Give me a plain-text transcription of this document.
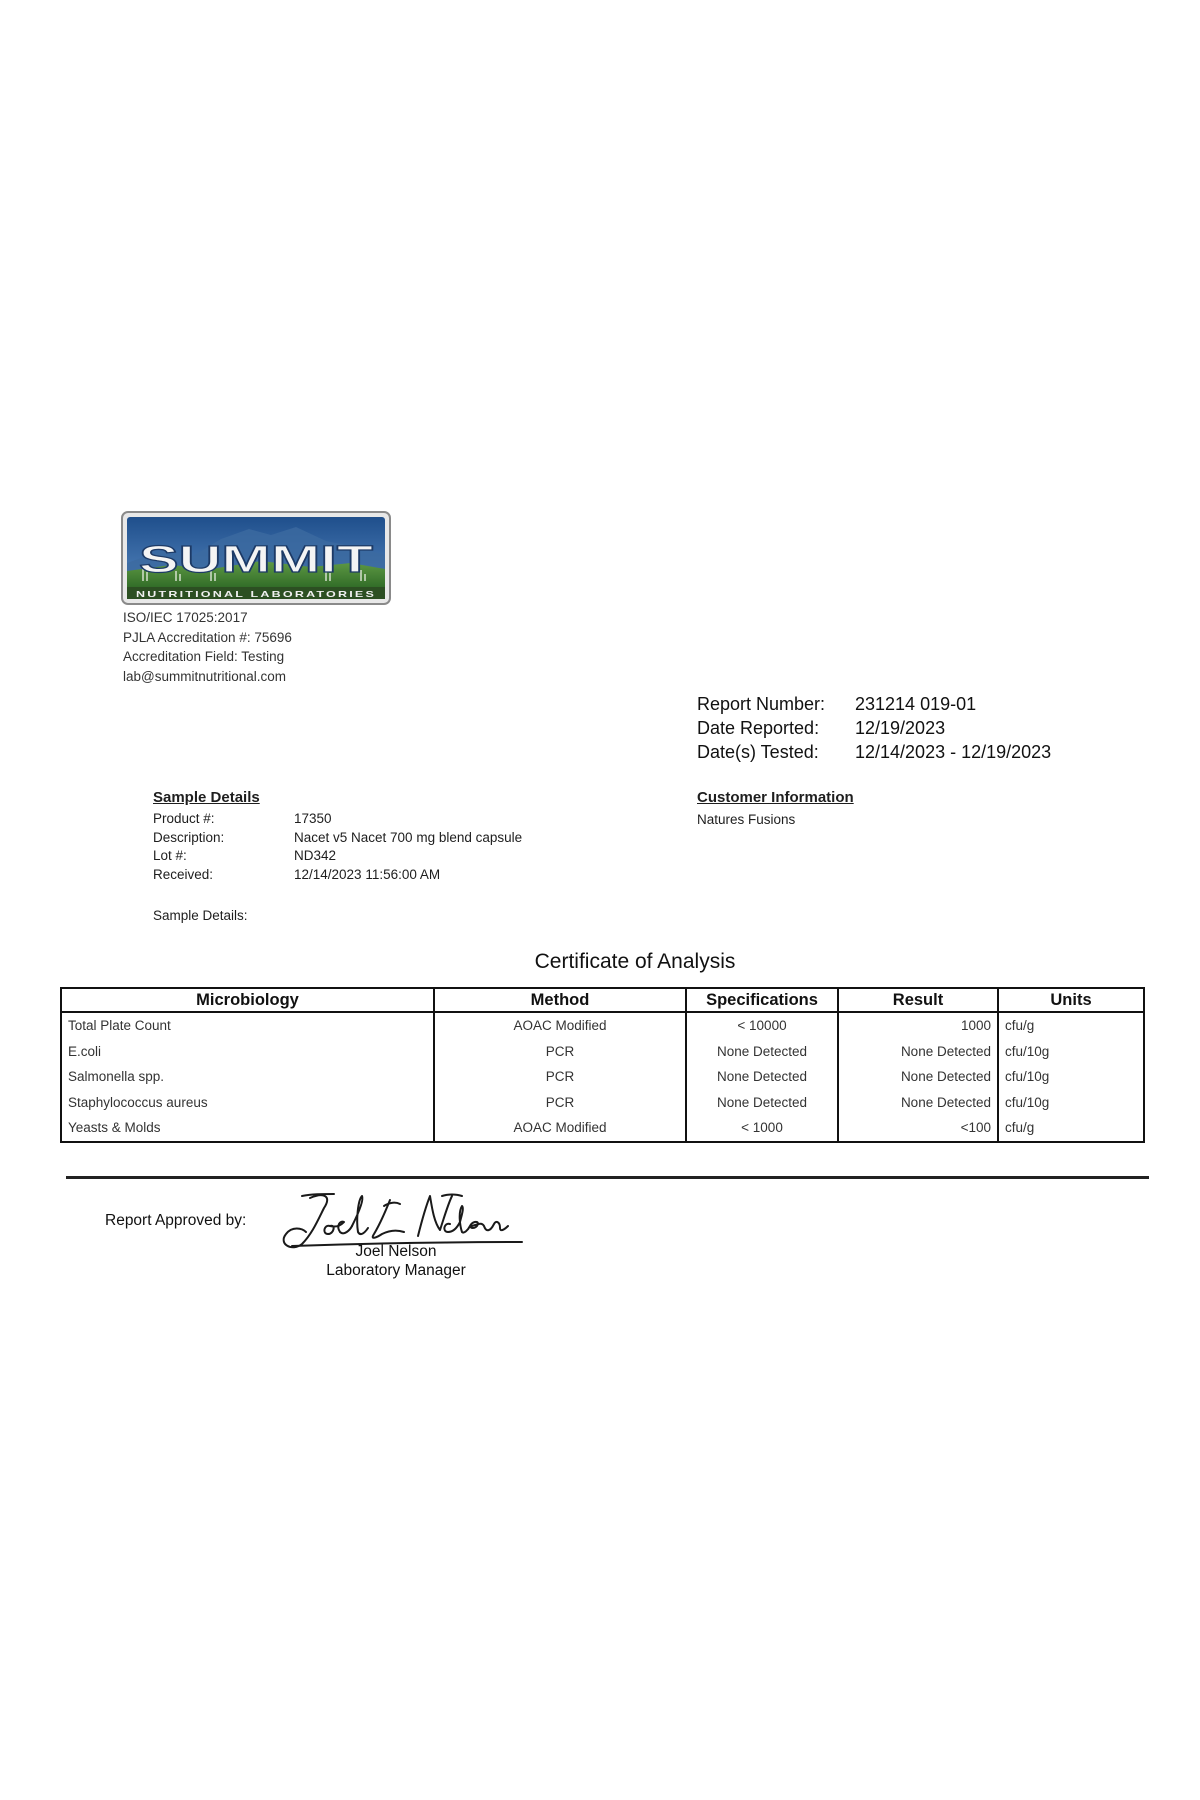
SUMMIT
NUTRITIONAL LABORATORIES
ISO/IEC 17025:2017
PJLA Accreditation #: 75696
Accreditation Field: Testing
lab@summitnutritional.com
Report Number:	231214 019-01
Date Reported:	12/19/2023
Date(s) Tested:	12/14/2023 - 12/19/2023
Sample Details
Product #:	17350
Description:	Nacet v5 Nacet 700 mg blend capsule
Lot #:	ND342
Received:	12/14/2023 11:56:00 AM
Sample Details:
Customer Information
Natures Fusions
Certificate of Analysis
Microbiology	Method	Specifications	Result	Units
Total Plate Count	AOAC Modified	< 10000	1000	cfu/g
E.coli	PCR	None Detected	None Detected	cfu/10g
Salmonella spp.	PCR	None Detected	None Detected	cfu/10g
Staphylococcus aureus	PCR	None Detected	None Detected	cfu/10g
Yeasts & Molds	AOAC Modified	< 1000	<100	cfu/g
Report Approved by:
Joel Nelson
Laboratory Manager
